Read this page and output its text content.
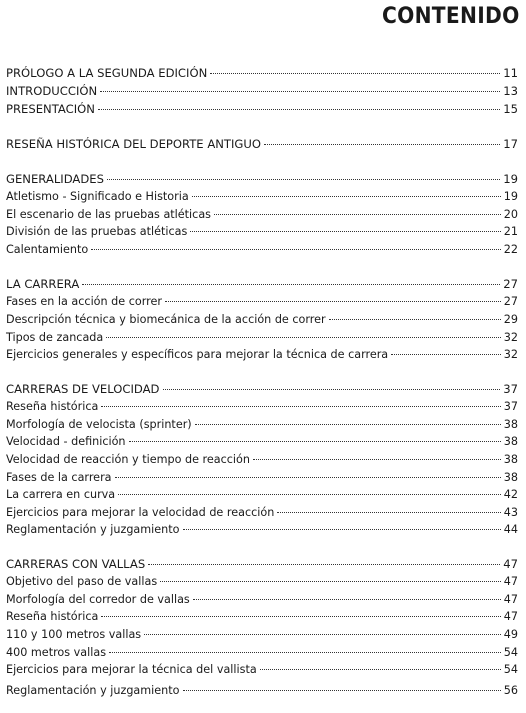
CONTENIDO
PRÓLOGO A LA SEGUNDA EDICIÓN	11
INTRODUCCIÓN	13
PRESENTACIÓN	15
RESEÑA HISTÓRICA DEL DEPORTE ANTIGUO	17
GENERALIDADES	19
Atletismo - Significado e Historia	19
El escenario de las pruebas atléticas	20
División de las pruebas atléticas	21
Calentamiento	22
LA CARRERA	27
Fases en la acción de correr	27
Descripción técnica y biomecánica de la acción de correr	29
Tipos de zancada	32
Ejercicios generales y específicos para mejorar la técnica de carrera	32
CARRERAS DE VELOCIDAD	37
Reseña histórica	37
Morfología de velocista (sprinter)	38
Velocidad - definición	38
Velocidad de reacción y tiempo de reacción	38
Fases de la carrera	38
La carrera en curva	42
Ejercicios para mejorar la velocidad de reacción	43
Reglamentación y juzgamiento	44
CARRERAS CON VALLAS	47
Objetivo del paso de vallas	47
Morfología del corredor de vallas	47
Reseña histórica	47
110 y 100 metros vallas	49
400 metros vallas	54
Ejercicios para mejorar la técnica del vallista	54
Reglamentación y juzgamiento	56
